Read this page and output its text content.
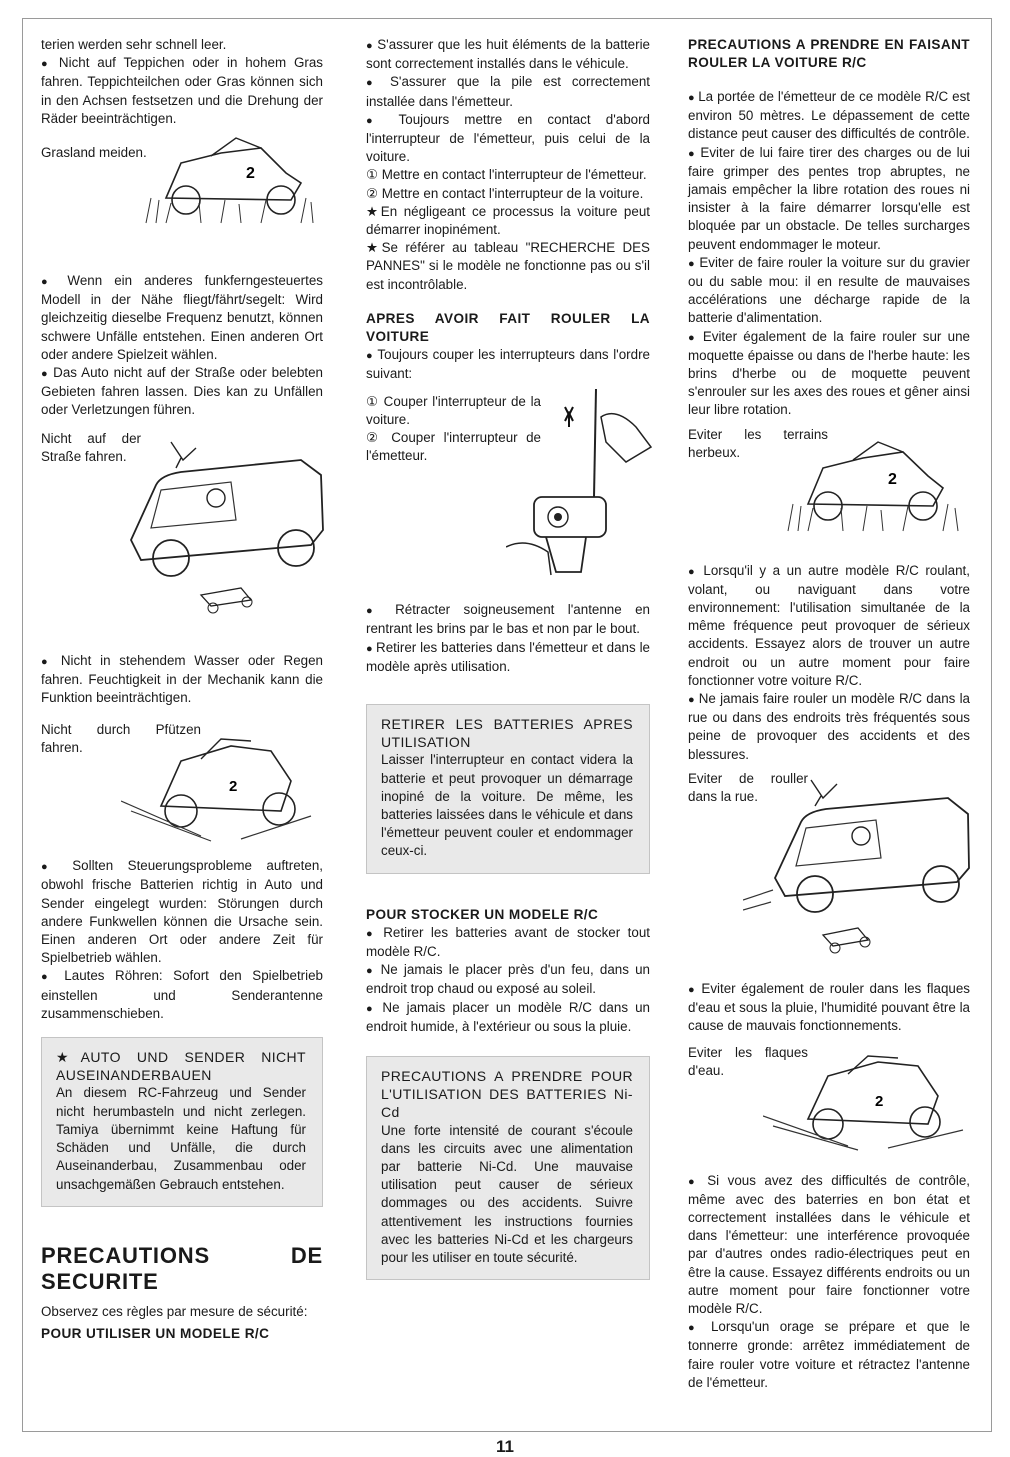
terien werden sehr schnell leer.

● Nicht auf Teppichen oder in hohem Gras fahren. Teppichteilchen oder Gras können sich in den Achsen festsetzen und die Drehung der Räder beeinträchtigen.

Grasland meiden.

2

● Wenn ein anderes funkferngesteuertes Modell in der Nähe fliegt/fährt/segelt: Wird gleichzeitig dieselbe Frequenz benutzt, können schwere Unfälle entstehen. Einen anderen Ort oder andere Spielzeit wählen.

● Das Auto nicht auf der Straße oder belebten Gebieten fahren lassen. Dies kan zu Unfällen oder Verletzungen führen.

Nicht auf der Straße fahren.

● Nicht in stehendem Wasser oder Regen fahren. Feuchtigkeit in der Mechanik kann die Funktion beeinträchtigen.

Nicht durch Pfützen fahren.

2

● Sollten Steuerungsprobleme auftreten, obwohl frische Batterien richtig in Auto und Sender eingelegt wurden: Störungen durch andere Funkwellen können die Ursache sein. Einen anderen Ort oder andere Zeit für Spielbetrieb wählen.

● Lautes Röhren: Sofort den Spielbetrieb einstellen und Senderantenne zusammenschieben.

★AUTO UND SENDER NICHT AUSEINANDERBAUEN

An diesem RC-Fahrzeug und Sender nicht herumbasteln und nicht zerlegen. Tamiya übernimmt keine Haftung für Schäden und Unfälle, die durch Auseinanderbau, Zusammenbau oder unsachgemäßen Gebrauch entstehen.

PRECAUTIONS DE SECURITE

Observez ces règles par mesure de sécurité:

POUR UTILISER UN MODELE R/C

● S'assurer que les huit éléments de la batterie sont correctement installés dans le véhicule.

● S'assurer que la pile est correctement installée dans l'émetteur.

● Toujours mettre en contact d'abord l'interrupteur de l'émetteur, puis celui de la voiture.

① Mettre en contact l'interrupteur de l'émetteur.

② Mettre en contact l'interrupteur de la voiture.

★En négligeant ce processus la voiture peut démarrer inopinément.

★Se référer au tableau "RECHERCHE DES PANNES" si le modèle ne fonctionne pas ou s'il est incontrôlable.

APRES AVOIR FAIT ROULER LA VOITURE

● Toujours couper les interrupteurs dans l'ordre suivant:

① Couper l'interrupteur de la voiture.

② Couper l'interrupteur de l'émetteur.

● Rétracter soigneusement l'antenne en rentrant les brins par le bas et non par le bout.

● Retirer les batteries dans l'émetteur et dans le modèle après utilisation.

RETIRER LES BATTERIES APRES UTILISATION

Laisser l'interrupteur en contact videra la batterie et peut provoquer un démarrage inopiné de la voiture. De même, les batteries laissées dans le véhicule et dans l'émetteur peuvent couler et endommager ceux-ci.

POUR STOCKER UN MODELE R/C

● Retirer les batteries avant de stocker tout modèle R/C.

● Ne jamais le placer près d'un feu, dans un endroit trop chaud ou exposé au soleil.

● Ne jamais placer un modèle R/C dans un endroit humide, à l'extérieur ou sous la pluie.

PRECAUTIONS A PRENDRE POUR L'UTILISATION DES BATTERIES Ni-Cd

Une forte intensité de courant s'écoule dans les circuits avec une alimentation par batterie Ni-Cd. Une mauvaise utilisation peut causer de sérieux dommages ou des accidents. Suivre attentivement les instructions fournies avec les batteries Ni-Cd et les chargeurs pour les utiliser en toute sécurité.

PRECAUTIONS A PRENDRE EN FAISANT ROULER LA VOITURE R/C

● La portée de l'émetteur de ce modèle R/C est environ 50 mètres. Le dépassement de cette distance peut causer des difficultés de contrôle.

● Eviter de lui faire tirer des charges ou de lui faire grimper des pentes trop abruptes, ne jamais empêcher la libre rotation des roues ni insister à la faire démarrer lorsqu'elle est bloquée par un obstacle. De telles surcharges peuvent endommager le moteur.

● Eviter de faire rouler la voiture sur du gravier ou du sable mou: il en resulte de mauvaises accélérations une décharge rapide de la batterie d'alimentation.

● Eviter également de la faire rouler sur une moquette épaisse ou dans de l'herbe haute: les brins d'herbe ou de moquette peuvent s'enrouler sur les axes des roues et gêner ainsi leur libre rotation.

Eviter les terrains herbeux.

2

● Lorsqu'il y a un autre modèle R/C roulant, volant, ou naviguant dans votre environnement: l'utilisation simultanée de la même fréquence peut provoquer de sérieux accidents. Essayez alors de trouver un autre endroit ou un autre moment pour faire fonctionner votre voiture R/C.

● Ne jamais faire rouler un modèle R/C dans la rue ou dans des endroits très fréquentés sous peine de provoquer des accidents et des blessures.

Eviter de rouller dans la rue.

● Eviter également de rouler dans les flaques d'eau et sous la pluie, l'humidité pouvant être la cause de mauvais fonctionnements.

Eviter les flaques d'eau.

2

● Si vous avez des difficultés de contrôle, même avec des baterries en bon état et correctement installées dans le véhicule et dans l'émetteur: une interférence provoquée par d'autres ondes radio-électriques peut en être la cause. Essayez différents endroits ou un autre moment pour faire fonctionner votre modèle R/C.

● Lorsqu'un orage se prépare et que le tonnerre gronde: arrêtez immédiatement de faire rouler votre voiture et rétractez l'antenne de l'émetteur.

11
